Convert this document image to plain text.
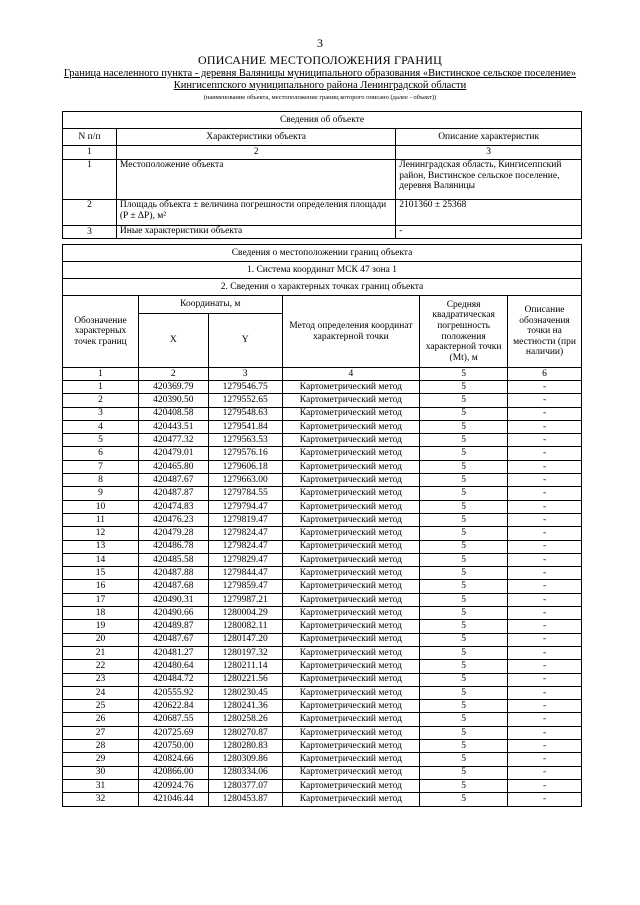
3
ОПИСАНИЕ МЕСТОПОЛОЖЕНИЯ ГРАНИЦ
Граница населенного пункта - деревня Валяницы муниципального образования «Вистинское сельское поселение»
Кингисеппского муниципального района Ленинградской области
(наименование объекта, местоположение границ которого описано (далее - объект))
Сведения об объекте		
N п/п	Характеристики объекта	Описание характеристик
1	2	3
1	Местоположение объекта	Ленинградская область, Кингисеппский район, Вистинское сельское поселение, деревня Валяницы
2	Площадь объекта ± величина погрешности определения площади (P ± ΔP), м²	2101360 ± 25368
3	Иные характеристики объекта	-
Сведения о местоположении границ объекта					
1. Система координат МСК 47 зона 1					
2. Сведения о характерных точках границ объекта					
Обозначение характерных точек границ	Координаты, м		Метод определения координат характерной точки	Средняя квадратическая погрешность положения характерной точки (Mt), м	Описание обозначения точки на местности (при наличии)
	X	Y			
1	2	3	4	5	6
1	420369.79	1279546.75	Картометрический метод	5	-
2	420390.50	1279552.65	Картометрический метод	5	-
3	420408.58	1279548.63	Картометрический метод	5	-
4	420443.51	1279541.84	Картометрический метод	5	-
5	420477.32	1279563.53	Картометрический метод	5	-
6	420479.01	1279576.16	Картометрический метод	5	-
7	420465.80	1279606.18	Картометрический метод	5	-
8	420487.67	1279663.00	Картометрический метод	5	-
9	420487.87	1279784.55	Картометрический метод	5	-
10	420474.83	1279794.47	Картометрический метод	5	-
11	420476.23	1279819.47	Картометрический метод	5	-
12	420479.28	1279824.47	Картометрический метод	5	-
13	420486.78	1279824.47	Картометрический метод	5	-
14	420485.58	1279829.47	Картометрический метод	5	-
15	420487.88	1279844.47	Картометрический метод	5	-
16	420487.68	1279859.47	Картометрический метод	5	-
17	420490.31	1279987.21	Картометрический метод	5	-
18	420490.66	1280004.29	Картометрический метод	5	-
19	420489.87	1280082.11	Картометрический метод	5	-
20	420487.67	1280147.20	Картометрический метод	5	-
21	420481.27	1280197.32	Картометрический метод	5	-
22	420480.64	1280211.14	Картометрический метод	5	-
23	420484.72	1280221.56	Картометрический метод	5	-
24	420555.92	1280230.45	Картометрический метод	5	-
25	420622.84	1280241.36	Картометрический метод	5	-
26	420687.55	1280258.26	Картометрический метод	5	-
27	420725.69	1280270.87	Картометрический метод	5	-
28	420750.00	1280280.83	Картометрический метод	5	-
29	420824.66	1280309.86	Картометрический метод	5	-
30	420866.00	1280334.06	Картометрический метод	5	-
31	420924.76	1280377.07	Картометрический метод	5	-
32	421046.44	1280453.87	Картометрический метод	5	-
